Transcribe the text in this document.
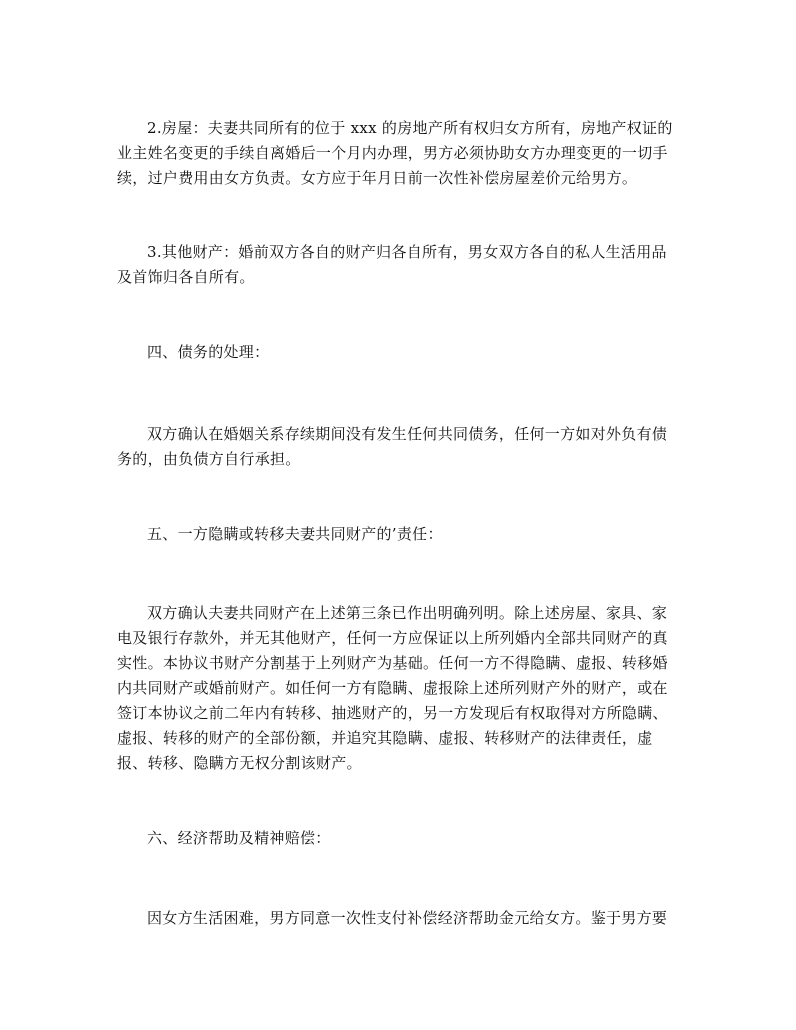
2.房屋：夫妻共同所有的位于 xxx 的房地产所有权归女方所有，房地产权证的
业主姓名变更的手续自离婚后一个月内办理，男方必须协助女方办理变更的一切手
续，过户费用由女方负责。女方应于年月日前一次性补偿房屋差价元给男方。

3.其他财产：婚前双方各自的财产归各自所有，男女双方各自的私人生活用品
及首饰归各自所有。

四、债务的处理：

双方确认在婚姻关系存续期间没有发生任何共同债务，任何一方如对外负有债
务的，由负债方自行承担。

五、一方隐瞒或转移夫妻共同财产的’责任：

双方确认夫妻共同财产在上述第三条已作出明确列明。除上述房屋、家具、家
电及银行存款外，并无其他财产，任何一方应保证以上所列婚内全部共同财产的真
实性。本协议书财产分割基于上列财产为基础。任何一方不得隐瞒、虚报、转移婚
内共同财产或婚前财产。如任何一方有隐瞒、虚报除上述所列财产外的财产，或在
签订本协议之前二年内有转移、抽逃财产的，另一方发现后有权取得对方所隐瞒、
虚报、转移的财产的全部份额，并追究其隐瞒、虚报、转移财产的法律责任，虚
报、转移、隐瞒方无权分割该财产。

六、经济帮助及精神赔偿：

因女方生活困难，男方同意一次性支付补偿经济帮助金元给女方。鉴于男方要
